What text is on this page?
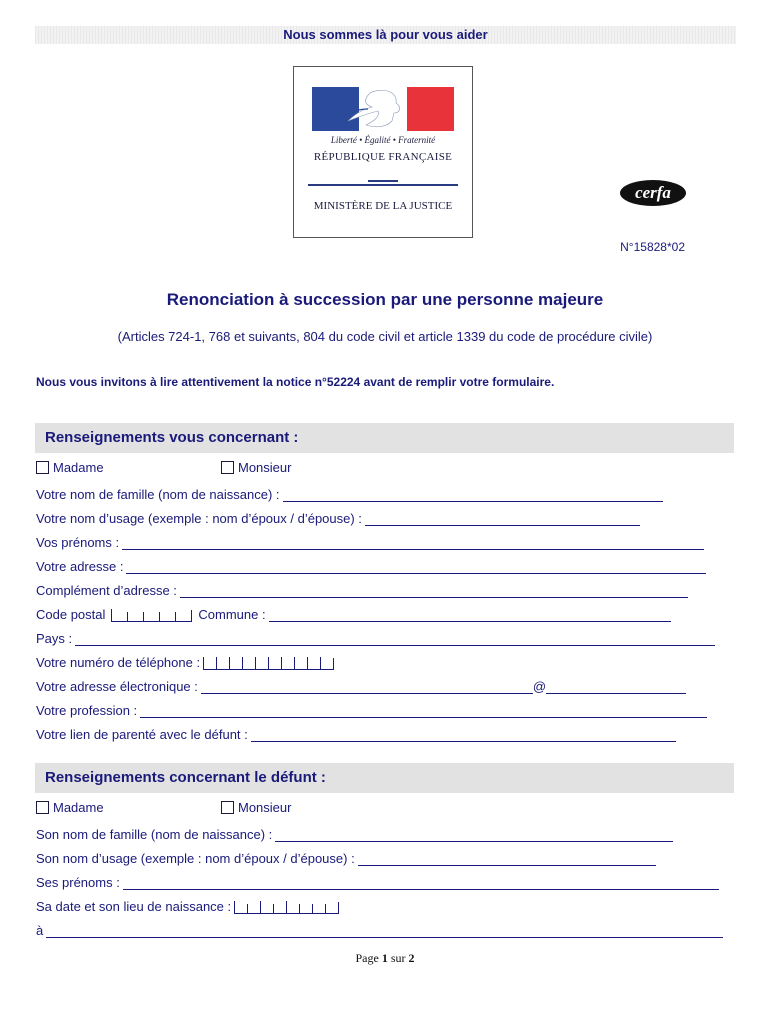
Nous sommes là pour vous aider
Liberté • Égalité • Fraternité
RÉPUBLIQUE FRANÇAISE
MINISTÈRE DE LA JUSTICE
cerfa
N°15828*02
Renonciation à succession par une personne majeure
(Articles 724-1, 768 et suivants, 804 du code civil et article 1339 du code de procédure civile)
Nous vous invitons à lire attentivement la notice n°52224 avant de remplir votre formulaire.
Renseignements vous concernant :
Madame	Monsieur
Votre nom de famille (nom de naissance) :
Votre nom d’usage (exemple : nom d’époux / d’épouse) :
Vos prénoms :
Votre adresse :
Complément d’adresse :
Code postal	Commune :
Pays :
Votre numéro de téléphone :
Votre adresse électronique :	@
Votre profession :
Votre lien de parenté avec le défunt :
Renseignements concernant le défunt :
Madame	Monsieur
Son nom de famille (nom de naissance) :
Son nom d’usage (exemple : nom d’époux / d’épouse) :
Ses prénoms :
Sa date et son lieu de naissance :
à
Page 1 sur 2
